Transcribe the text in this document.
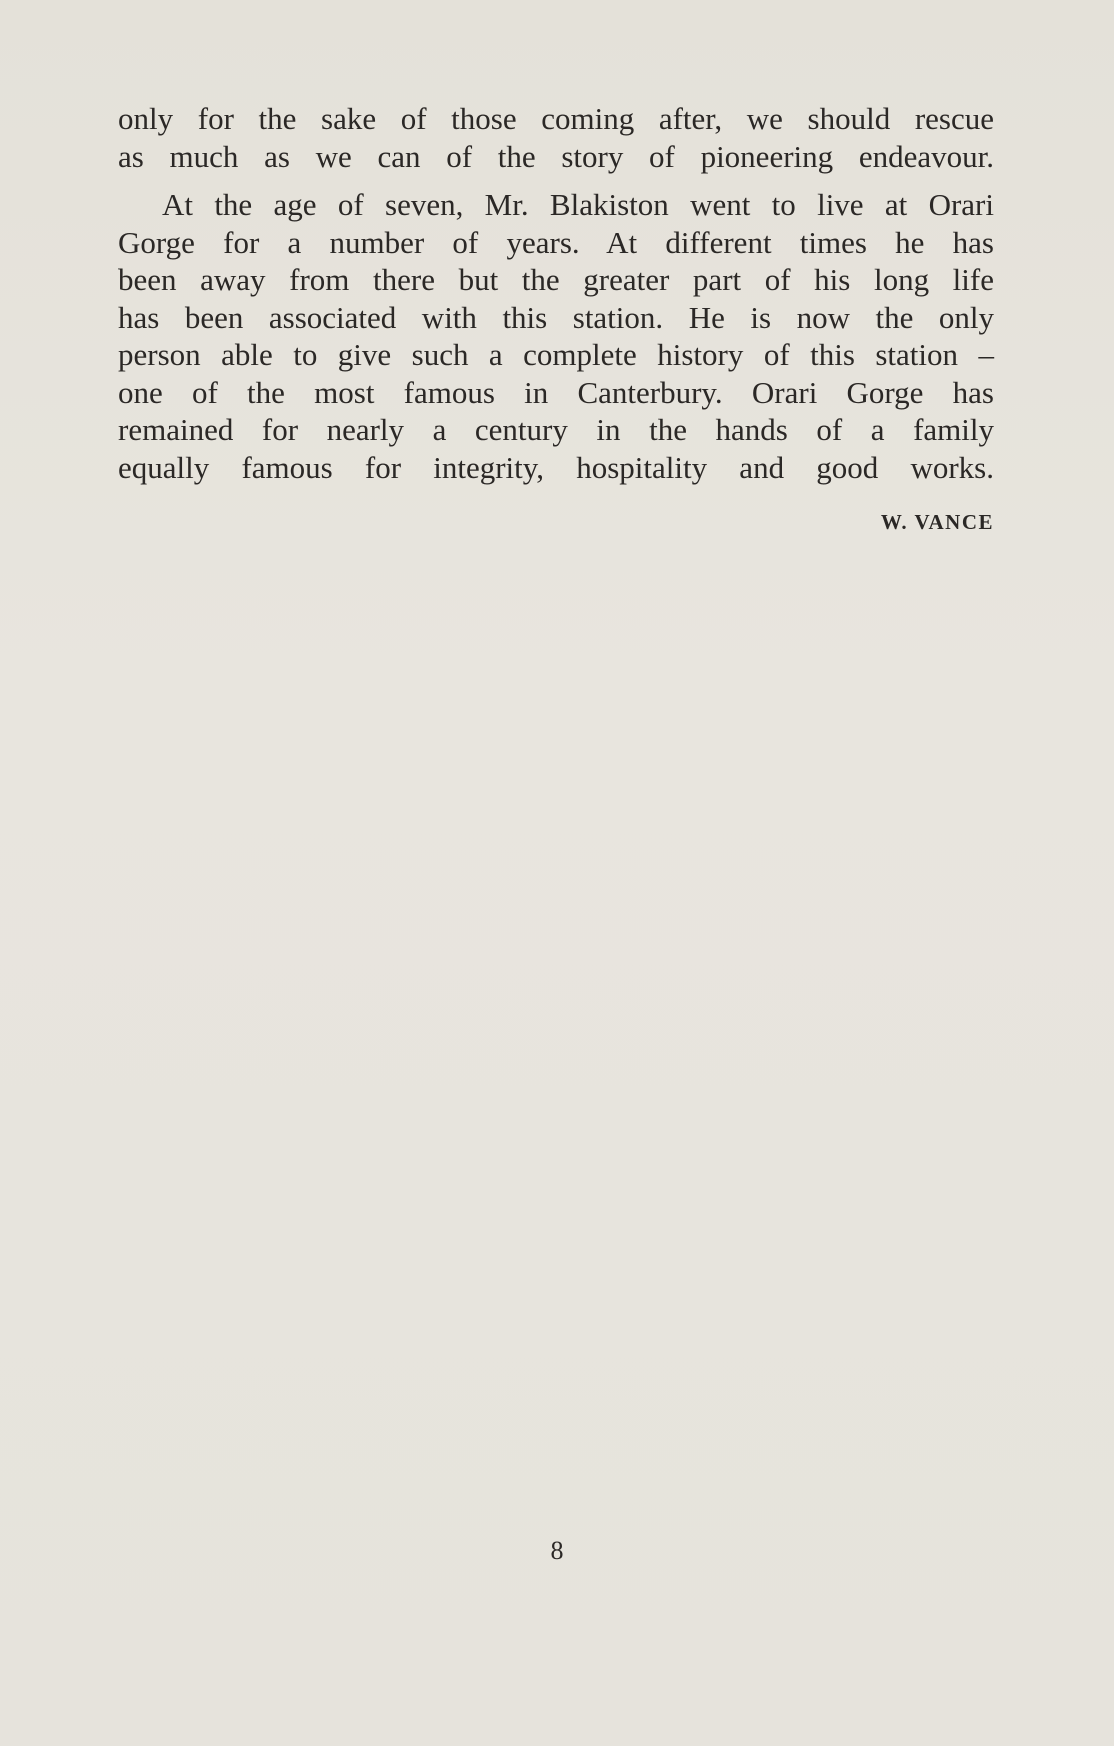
only for the sake of those coming after, we should rescue
as much as we can of the story of pioneering endeavour.

At the age of seven, Mr. Blakiston went to live at Orari
Gorge for a number of years. At different times he has
been away from there but the greater part of his long life
has been associated with this station. He is now the only
person able to give such a complete history of this station –
one of the most famous in Canterbury. Orari Gorge has
remained for nearly a century in the hands of a family
equally famous for integrity, hospitality and good works.

W. VANCE
8
